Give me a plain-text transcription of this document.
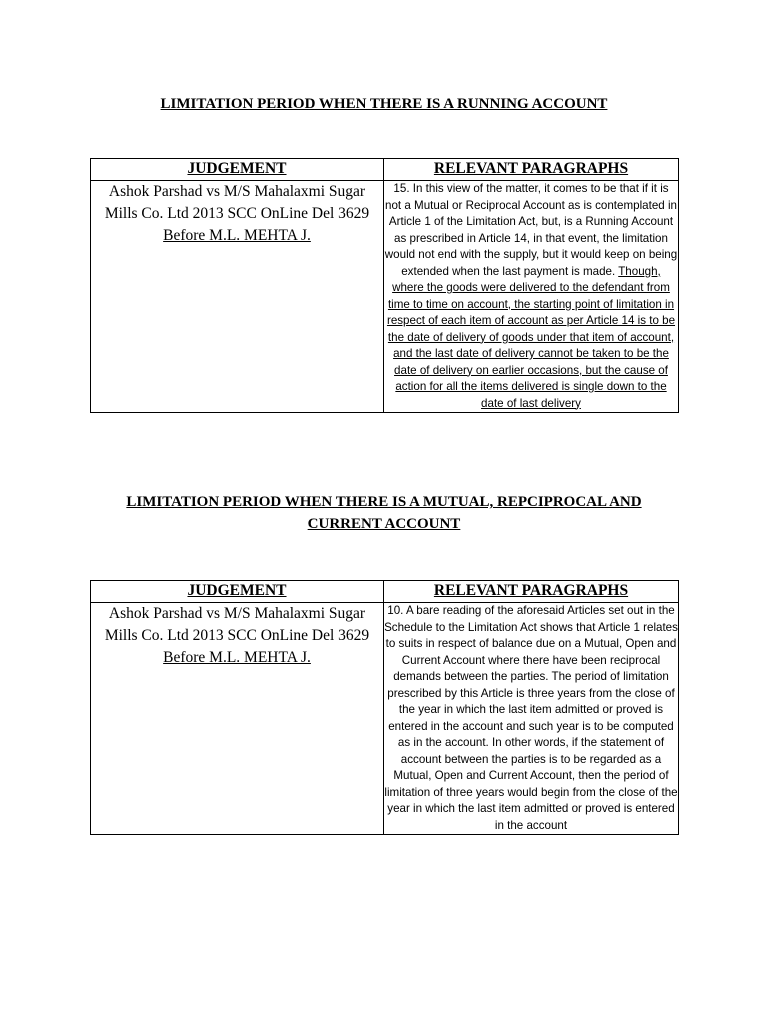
LIMITATION PERIOD WHEN THERE IS A RUNNING ACCOUNT
JUDGEMENT	RELEVANT PARAGRAPHS
Ashok Parshad vs M/S Mahalaxmi Sugar Mills Co. Ltd 2013 SCC OnLine Del 3629
Before M.L. MEHTA J.	15. In this view of the matter, it comes to be that if it is not a Mutual or Reciprocal Account as is contemplated in Article 1 of the Limitation Act, but, is a Running Account as prescribed in Article 14, in that event, the limitation would not end with the supply, but it would keep on being extended when the last payment is made. Though, where the goods were delivered to the defendant from time to time on account, the starting point of limitation in respect of each item of account as per Article 14 is to be the date of delivery of goods under that item of account, and the last date of delivery cannot be taken to be the date of delivery on earlier occasions, but the cause of action for all the items delivered is single down to the date of last delivery
LIMITATION PERIOD WHEN THERE IS A MUTUAL, REPCIPROCAL AND CURRENT ACCOUNT
JUDGEMENT	RELEVANT PARAGRAPHS
Ashok Parshad vs M/S Mahalaxmi Sugar Mills Co. Ltd 2013 SCC OnLine Del 3629
Before M.L. MEHTA J.	10. A bare reading of the aforesaid Articles set out in the Schedule to the Limitation Act shows that Article 1 relates to suits in respect of balance due on a Mutual, Open and Current Account where there have been reciprocal demands between the parties. The period of limitation prescribed by this Article is three years from the close of the year in which the last item admitted or proved is entered in the account and such year is to be computed as in the account. In other words, if the statement of account between the parties is to be regarded as a Mutual, Open and Current Account, then the period of limitation of three years would begin from the close of the year in which the last item admitted or proved is entered in the account
